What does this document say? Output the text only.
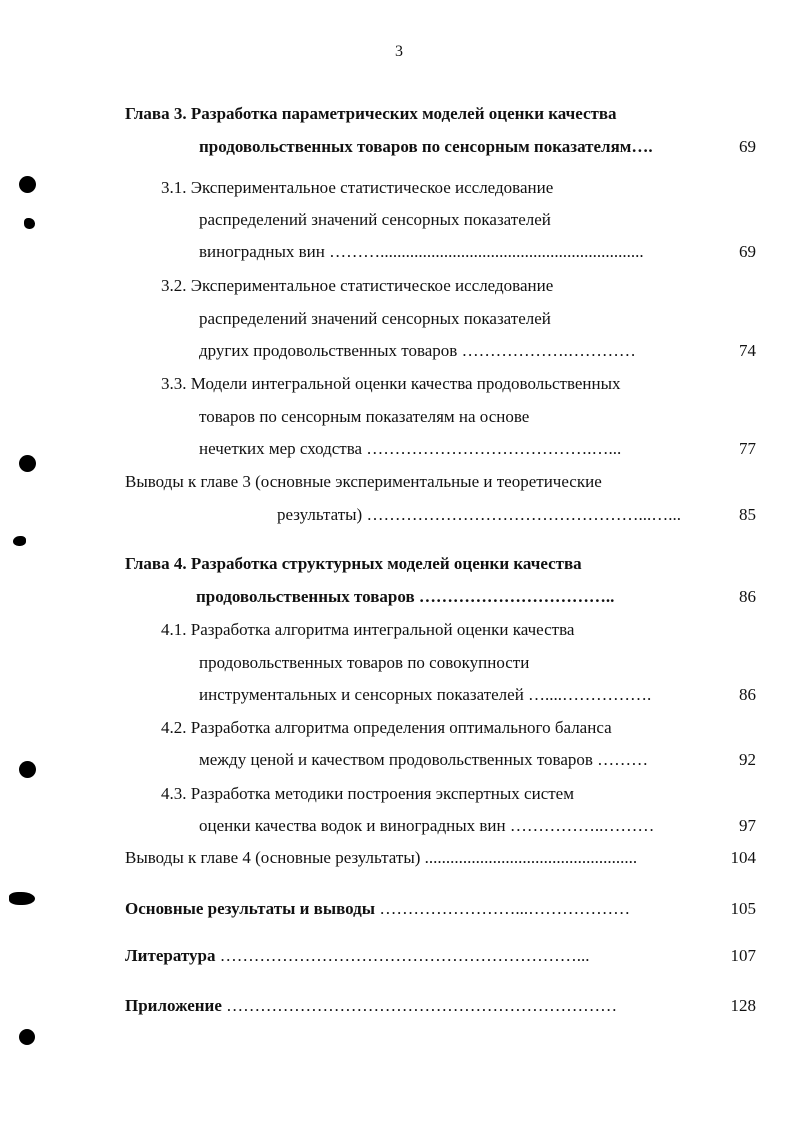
3
Глава 3. Разработка параметрических моделей оценки качества
продовольственных товаров по сенсорным показателям….	69
3.1. Экспериментальное статистическое исследование
распределений значений сенсорных показателей
виноградных вин ………..............................................................	69
3.2. Экспериментальное статистическое исследование
распределений значений сенсорных показателей
других продовольственных товаров ……………….…………	74
3.3. Модели интегральной оценки качества продовольственных
товаров по сенсорным показателям на основе
нечетких мер сходства ………………………………….…...	77
Выводы к главе 3 (основные экспериментальные и теоретические
результаты) …………………………………………...…...	85
Глава 4. Разработка структурных моделей оценки качества
продовольственных товаров ……………………………..	86
4.1. Разработка алгоритма интегральной оценки качества
продовольственных товаров по совокупности
инструментальных и сенсорных показателей …....…………….	86
4.2. Разработка алгоритма определения оптимального баланса
между ценой и качеством продовольственных товаров ………	92
4.3. Разработка методики построения экспертных систем
оценки качества водок и виноградных вин ……………..………	97
Выводы к главе 4 (основные результаты) ..................................................	104
Основные результаты и выводы ……………………...………………	105
Литература ………………………………………………………...	107
Приложение ……………………………………………………………	128
